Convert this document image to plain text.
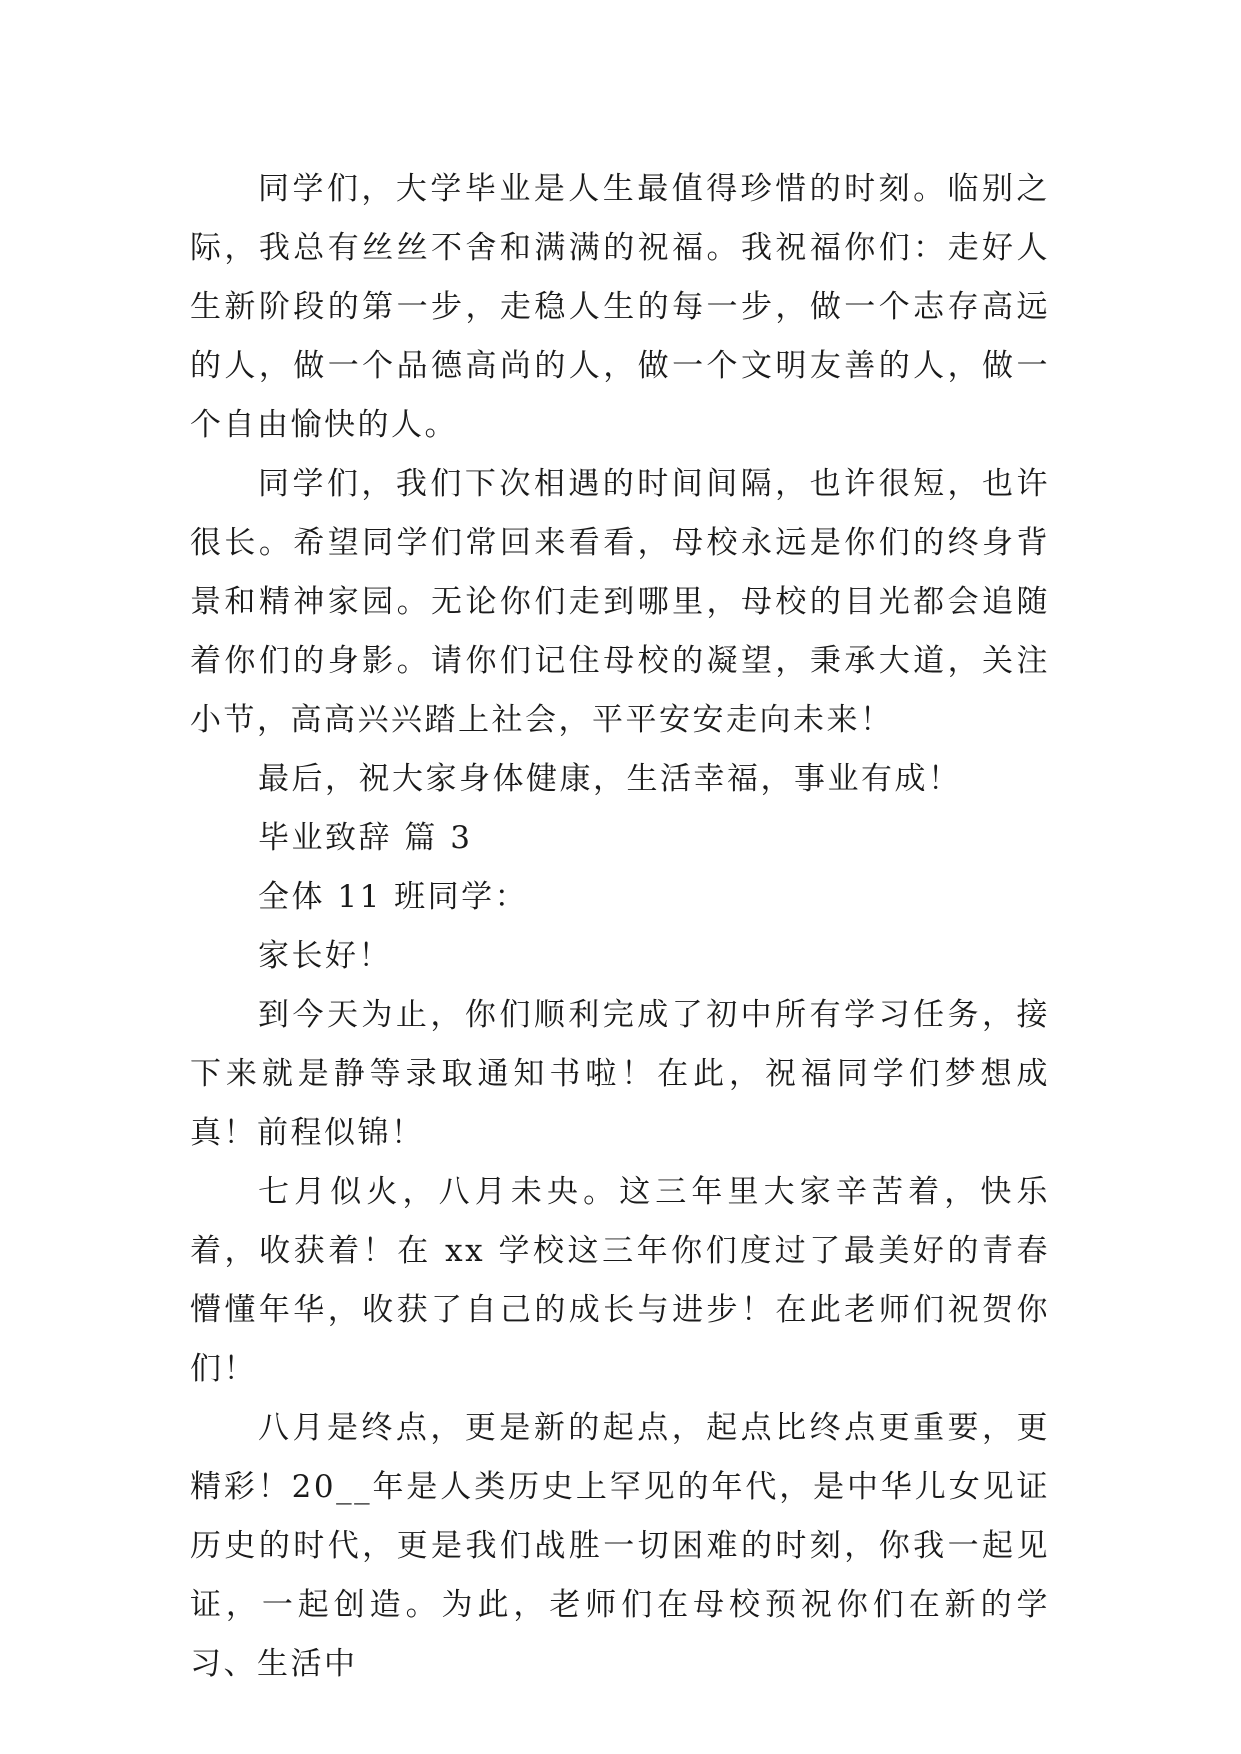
同学们，大学毕业是人生最值得珍惜的时刻。临别之际，我总有丝丝不舍和满满的祝福。我祝福你们：走好人生新阶段的第一步，走稳人生的每一步，做一个志存高远的人，做一个品德高尚的人，做一个文明友善的人，做一个自由愉快的人。

同学们，我们下次相遇的时间间隔，也许很短，也许很长。希望同学们常回来看看，母校永远是你们的终身背景和精神家园。无论你们走到哪里，母校的目光都会追随着你们的身影。请你们记住母校的凝望，秉承大道，关注小节，高高兴兴踏上社会，平平安安走向未来！

最后，祝大家身体健康，生活幸福，事业有成！

毕业致辞 篇 3

全体 11 班同学：

家长好！

到今天为止，你们顺利完成了初中所有学习任务，接下来就是静等录取通知书啦！在此，祝福同学们梦想成真！前程似锦！

七月似火，八月未央。这三年里大家辛苦着，快乐着，收获着！在 xx 学校这三年你们度过了最美好的青春懵懂年华，收获了自己的成长与进步！在此老师们祝贺你们！

八月是终点，更是新的起点，起点比终点更重要，更精彩！20__年是人类历史上罕见的年代，是中华儿女见证历史的时代，更是我们战胜一切困难的时刻，你我一起见证，一起创造。为此，老师们在母校预祝你们在新的学习、生活中
